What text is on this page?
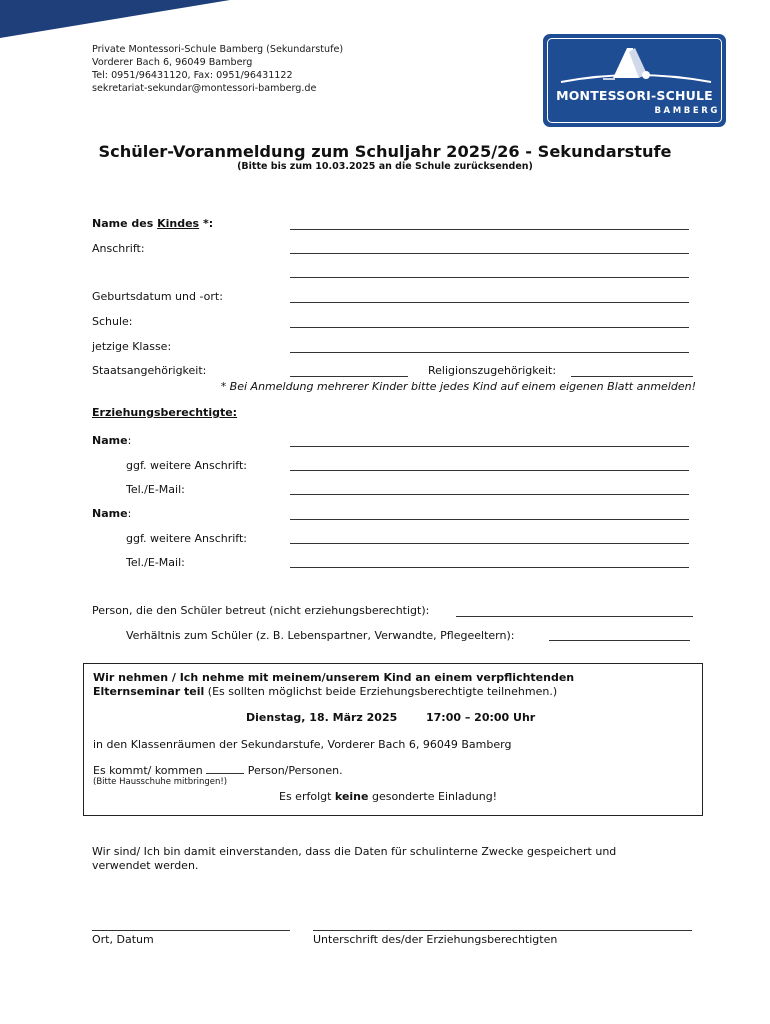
Private Montessori-Schule Bamberg (Sekundarstufe)
Vorderer Bach 6, 96049 Bamberg
Tel: 0951/96431120, Fax: 0951/96431122
sekretariat-sekundar@montessori-bamberg.de	MONTESSORI-SCHULE
BAMBERG
Schüler-Voranmeldung zum Schuljahr 2025/26 - Sekundarstufe
(Bitte bis zum 10.03.2025 an die Schule zurücksenden)
Name des Kindes *:
Anschrift:
Geburtsdatum und -ort:
Schule:
jetzige Klasse:
Staatsangehörigkeit:	Religionszugehörigkeit:
* Bei Anmeldung mehrerer Kinder bitte jedes Kind auf einem eigenen Blatt anmelden!
Erziehungsberechtigte:
Name:
ggf. weitere Anschrift:
Tel./E-Mail:
Name:
ggf. weitere Anschrift:
Tel./E-Mail:
Person, die den Schüler betreut (nicht erziehungsberechtigt):
Verhältnis zum Schüler (z. B. Lebenspartner, Verwandte, Pflegeeltern):
Wir nehmen / Ich nehme mit meinem/unserem Kind an einem verpflichtenden
Elternseminar teil (Es sollten möglichst beide Erziehungsberechtigte teilnehmen.)
Dienstag, 18. März 2025	17:00 – 20:00 Uhr
in den Klassenräumen der Sekundarstufe, Vorderer Bach 6, 96049 Bamberg
Es kommt/ kommen	Person/Personen.
(Bitte Hausschuhe mitbringen!)
Es erfolgt keine gesonderte Einladung!
Wir sind/ Ich bin damit einverstanden, dass die Daten für schulinterne Zwecke gespeichert und
verwendet werden.
Ort, Datum	Unterschrift des/der Erziehungsberechtigten
